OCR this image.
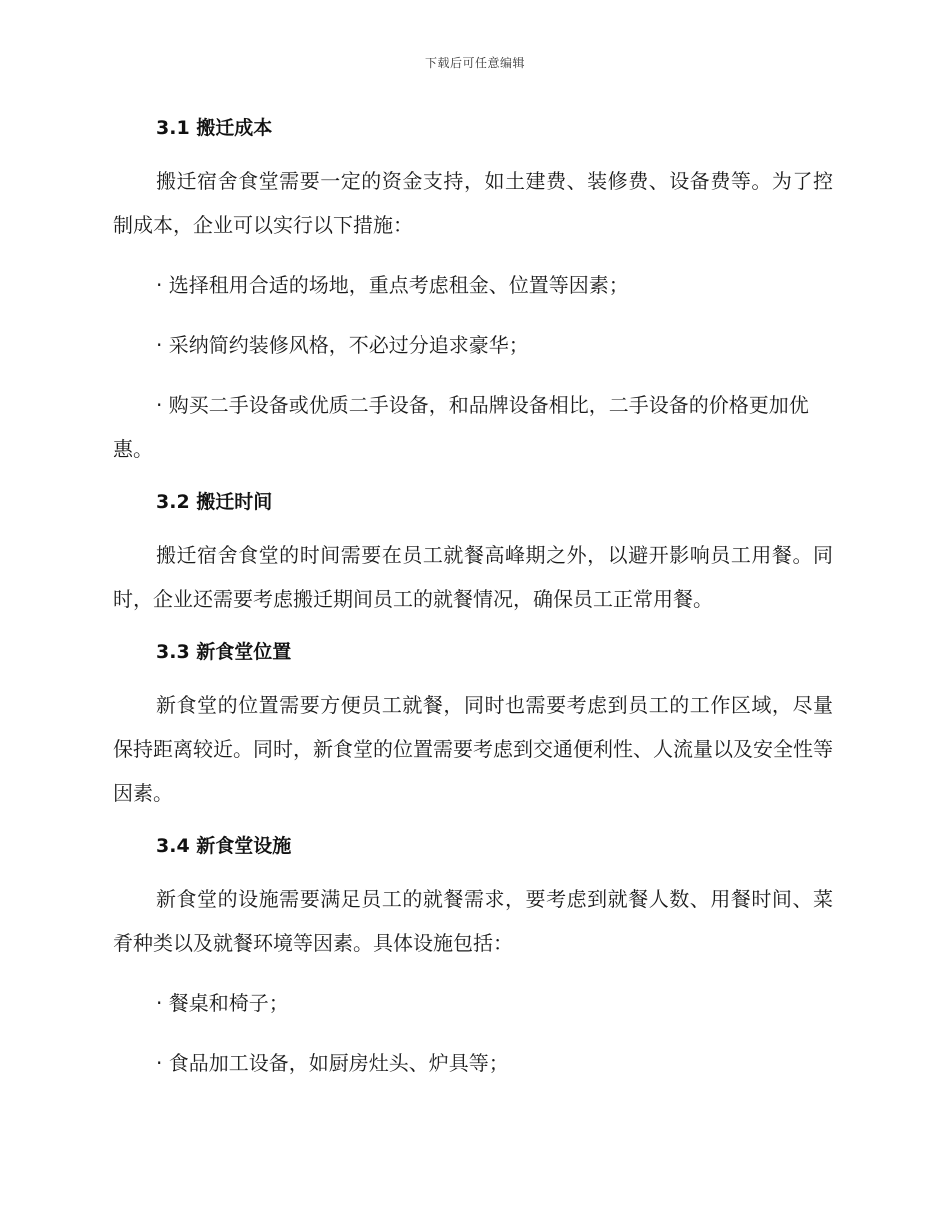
下载后可任意编辑
3.1 搬迁成本

搬迁宿舍食堂需要一定的资金支持，如土建费、装修费、设备费等。为了控制成本，企业可以实行以下措施：

· 选择租用合适的场地，重点考虑租金、位置等因素；

· 采纳简约装修风格，不必过分追求豪华；

· 购买二手设备或优质二手设备，和品牌设备相比，二手设备的价格更加优惠。

3.2 搬迁时间

搬迁宿舍食堂的时间需要在员工就餐高峰期之外，以避开影响员工用餐。同时，企业还需要考虑搬迁期间员工的就餐情况，确保员工正常用餐。

3.3 新食堂位置

新食堂的位置需要方便员工就餐，同时也需要考虑到员工的工作区域，尽量保持距离较近。同时，新食堂的位置需要考虑到交通便利性、人流量以及安全性等因素。

3.4 新食堂设施

新食堂的设施需要满足员工的就餐需求，要考虑到就餐人数、用餐时间、菜肴种类以及就餐环境等因素。具体设施包括：

· 餐桌和椅子；

· 食品加工设备，如厨房灶头、炉具等；
